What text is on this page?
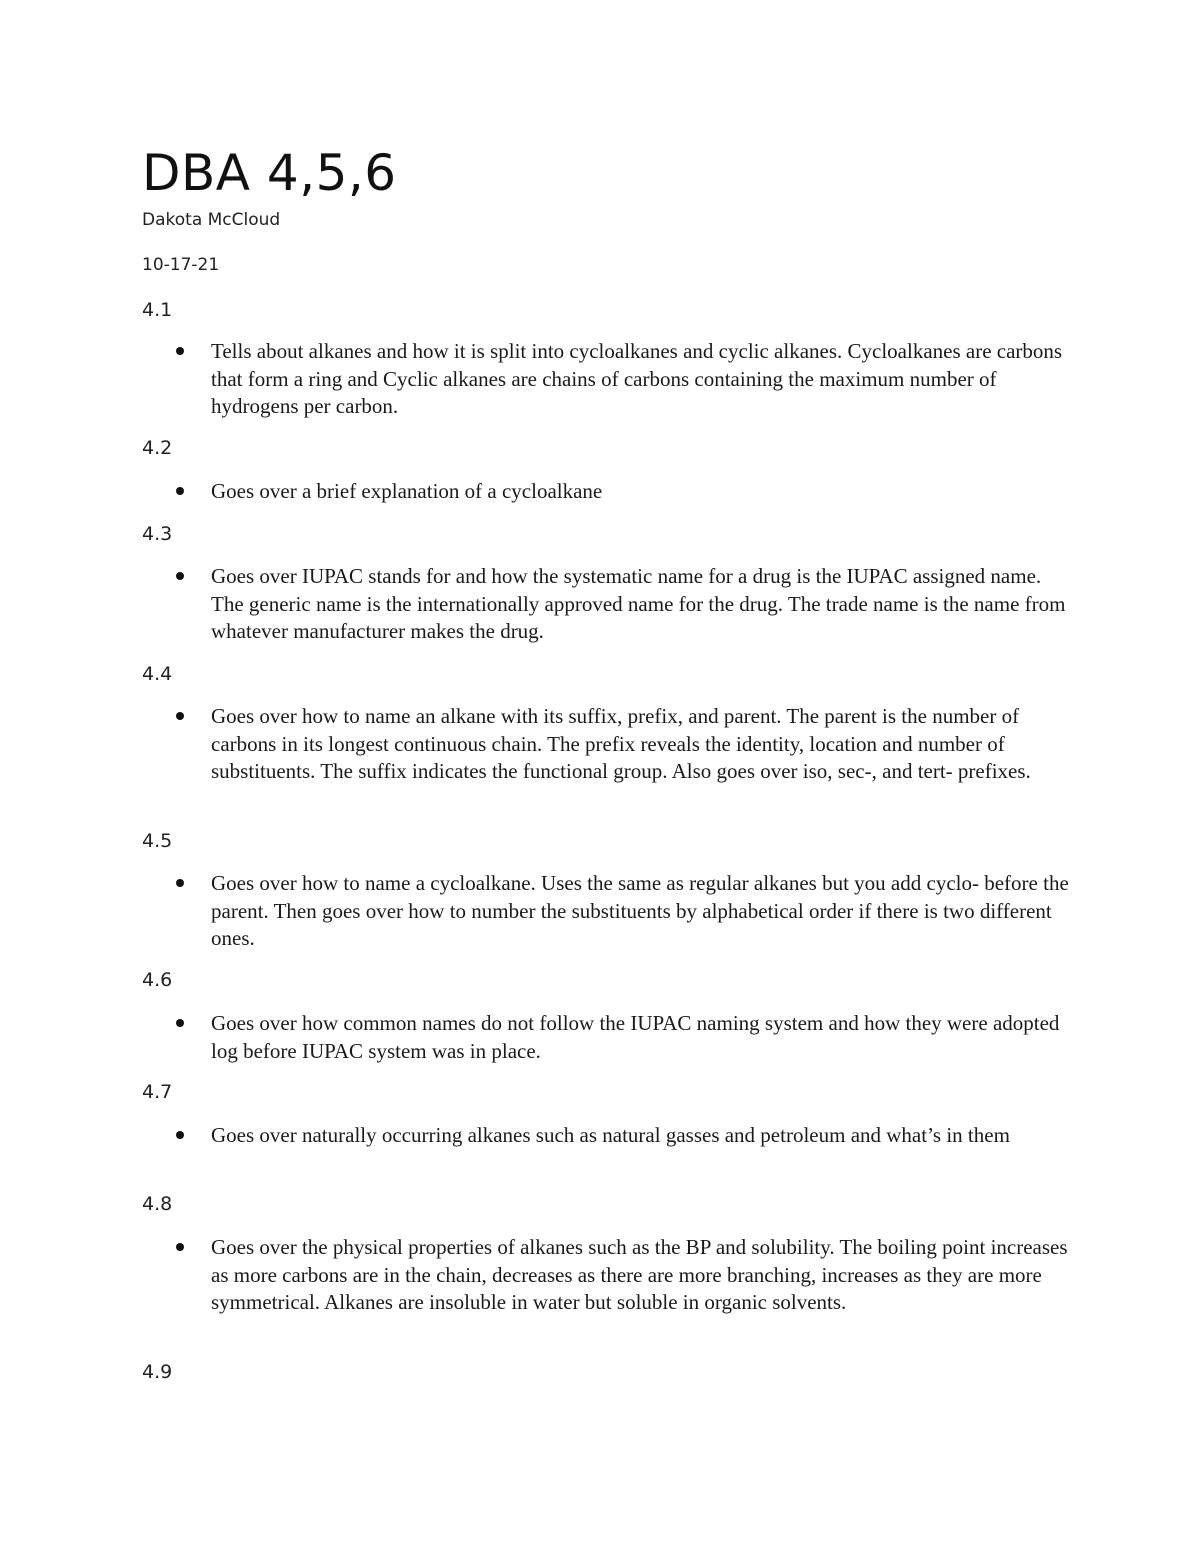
DBA 4,5,6
Dakota McCloud
10-17-21
4.1

Tells about alkanes and how it is split into cycloalkanes and cyclic alkanes. Cycloalkanes are carbons that form a ring and Cyclic alkanes are chains of carbons containing the maximum number of hydrogens per carbon.

4.2

Goes over a brief explanation of a cycloalkane

4.3

Goes over IUPAC stands for and how the systematic name for a drug is the IUPAC assigned name. The generic name is the internationally approved name for the drug. The trade name is the name from whatever manufacturer makes the drug.

4.4

Goes over how to name an alkane with its suffix, prefix, and parent. The parent is the number of carbons in its longest continuous chain. The prefix reveals the identity, location and number of substituents. The suffix indicates the functional group. Also goes over iso, sec-, and tert- prefixes.

4.5

Goes over how to name a cycloalkane. Uses the same as regular alkanes but you add cyclo- before the parent. Then goes over how to number the substituents by alphabetical order if there is two different ones.

4.6

Goes over how common names do not follow the IUPAC naming system and how they were adopted log before IUPAC system was in place.

4.7

Goes over naturally occurring alkanes such as natural gasses and petroleum and what’s in them

4.8

Goes over the physical properties of alkanes such as the BP and solubility. The boiling point increases as more carbons are in the chain, decreases as there are more branching, increases as they are more symmetrical. Alkanes are insoluble in water but soluble in organic solvents.

4.9
